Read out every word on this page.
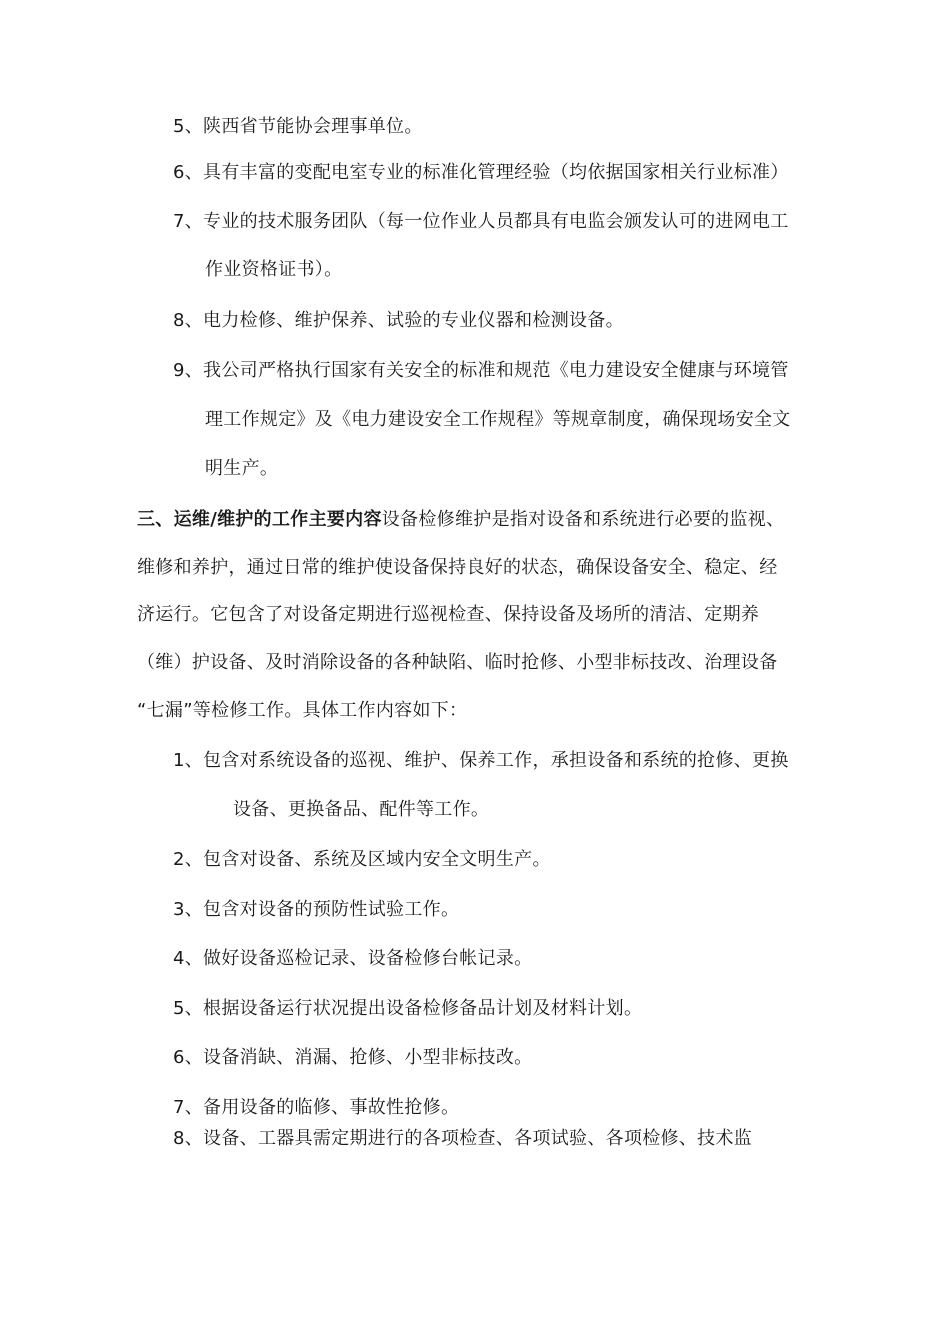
5、陕西省节能协会理事单位。
6、具有丰富的变配电室专业的标准化管理经验（均依据国家相关行业标准）
7、专业的技术服务团队（每一位作业人员都具有电监会颁发认可的进网电工
作业资格证书）。
8、电力检修、维护保养、试验的专业仪器和检测设备。
9、我公司严格执行国家有关安全的标准和规范《电力建设安全健康与环境管
理工作规定》及《电力建设安全工作规程》等规章制度，确保现场安全文
明生产。
三、运维/维护的工作主要内容设备检修维护是指对设备和系统进行必要的监视、
维修和养护，通过日常的维护使设备保持良好的状态，确保设备安全、稳定、经
济运行。它包含了对设备定期进行巡视检查、保持设备及场所的清洁、定期养
（维）护设备、及时消除设备的各种缺陷、临时抢修、小型非标技改、治理设备
“七漏”等检修工作。具体工作内容如下：
1、包含对系统设备的巡视、维护、保养工作，承担设备和系统的抢修、更换
设备、更换备品、配件等工作。
2、包含对设备、系统及区域内安全文明生产。
3、包含对设备的预防性试验工作。
4、做好设备巡检记录、设备检修台帐记录。
5、根据设备运行状况提出设备检修备品计划及材料计划。
6、设备消缺、消漏、抢修、小型非标技改。
7、备用设备的临修、事故性抢修。
8、设备、工器具需定期进行的各项检查、各项试验、各项检修、技术监
